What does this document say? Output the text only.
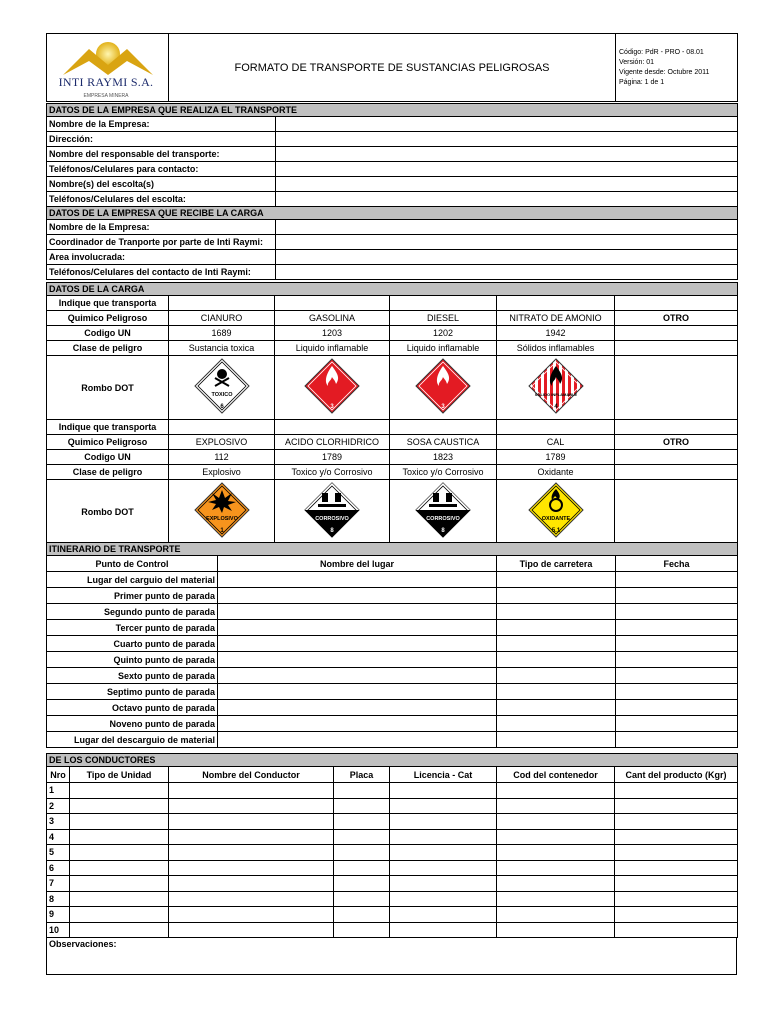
INTI RAYMI S.A.
EMPRESA MINERA
	FORMATO DE TRANSPORTE DE SUSTANCIAS PELIGROSAS	
Código: PdR - PRO - 08.01
Versión: 01
Vigente desde: Octubre 2011
Página: 1 de 1
DATOS DE LA EMPRESA QUE REALIZA EL TRANSPORTE	
Nombre de la Empresa:	
Dirección:	
Nombre del responsable del transporte:	
Teléfonos/Celulares para contacto:	
Nombre(s) del escolta(s)	
Teléfonos/Celulares del escolta:	
DATOS DE LA EMPRESA QUE RECIBE LA CARGA	
Nombre de la Empresa:	
Coordinador de Tranporte por parte de Inti Raymi:	
Area involucrada:	
Teléfonos/Celulares del contacto de Inti Raymi:	
DATOS DE LA CARGA					
Indique que transporta					
Quimico Peligroso	CIANURO	GASOLINA	DIESEL	NITRATO DE AMONIO	OTRO
Codigo UN	1689	1203	1202	1942	
Clase de peligro	Sustancia toxica	Liquido inflamable	Liquido inflamable	Sólidos inflamables	
Rombo DOT	TOXICO
6	3	3	SOLIDO INFLAMABLE
4	

Indique que transporta					
Quimico Peligroso	EXPLOSIVO	ACIDO CLORHIDRICO	SOSA CAUSTICA	CAL	OTRO
Codigo UN	112	1789	1823	1789	
Clase de peligro	Explosivo	Toxico y/o Corrosivo	Toxico y/o Corrosivo	Oxidante	
Rombo DOT	EXPLOSIVO
1	CORROSIVO
8	CORROSIVO
8	OXIDANTE
5.1	

ITINERARIO DE TRANSPORTE			
Punto de Control	Nombre del lugar	Tipo de carretera	Fecha
Lugar del carguio del material			
Primer punto de parada			
Segundo punto de parada			
Tercer punto de parada			
Cuarto punto de parada			
Quinto punto de parada			
Sexto punto de parada			
Septimo punto de parada			
Octavo punto de parada			
Noveno punto de parada			
Lugar del descarguio de material			
DE LOS CONDUCTORES						
Nro	Tipo de Unidad	Nombre del Conductor	Placa	Licencia - Cat	Cod del contenedor	Cant del producto (Kgr)
1						
2						
3						
4						
5						
6						
7						
8						
9						
10						
Observaciones:
